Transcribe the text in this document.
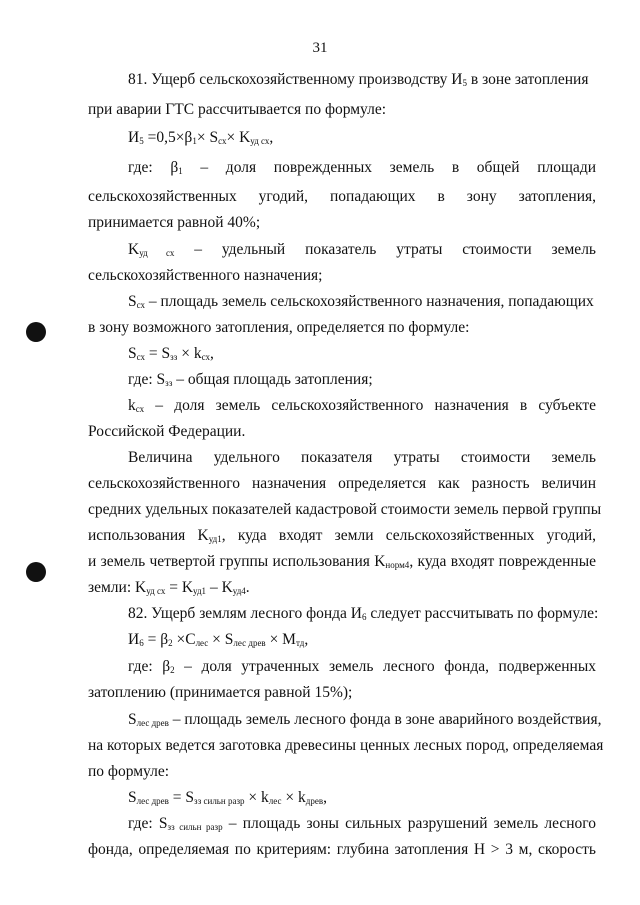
31
81. Ущерб сельскохозяйственному производству $И_5$ в зоне затопления
при аварии ГТС рассчитывается по формуле:
$И_5 =0,5\times\beta_1\times S_{сх}\times K_{уд сх}$,
где: $\beta_1$ – доля поврежденных земель в общей площади
сельскохозяйственных угодий, попадающих в зону затопления,
принимается равной 40%;
$K_{уд сх}$ – удельный показатель утраты стоимости земель
сельскохозяйственного назначения;
$S_{сх}$ – площадь земель сельскохозяйственного назначения, попадающих
в зону возможного затопления, определяется по формуле:
$S_{сх} = S_{зз} \times k_{сх}$,
где: $S_{зз}$ – общая площадь затопления;
$k_{сх}$ – доля земель сельскохозяйственного назначения в субъекте
Российской Федерации.
Величина удельного показателя утраты стоимости земель
сельскохозяйственного назначения определяется как разность величин
средних удельных показателей кадастровой стоимости земель первой группы
использования $K_{уд1}$, куда входят земли сельскохозяйственных угодий,
и земель четвертой группы использования $K_{норм4}$, куда входят поврежденные
земли: $K_{уд сх} = K_{уд1} - K_{уд4}$.
82. Ущерб землям лесного фонда $И_6$ следует рассчитывать по формуле:
$И_6 = \beta_2 \times C_{лес} \times S_{лес древ} \times M_{тд}$,
где: $\beta_2$ – доля утраченных земель лесного фонда, подверженных
затоплению (принимается равной 15%);
$S_{лес древ}$ – площадь земель лесного фонда в зоне аварийного воздействия,
на которых ведется заготовка древесины ценных лесных пород, определяемая
по формуле:
$S_{лес древ} = S_{зз сильн разр} \times k_{лес} \times k_{древ}$,
где: $S_{зз сильн разр}$ – площадь зоны сильных разрушений земель лесного
фонда, определяемая по критериям: глубина затопления H > 3 м, скорость
